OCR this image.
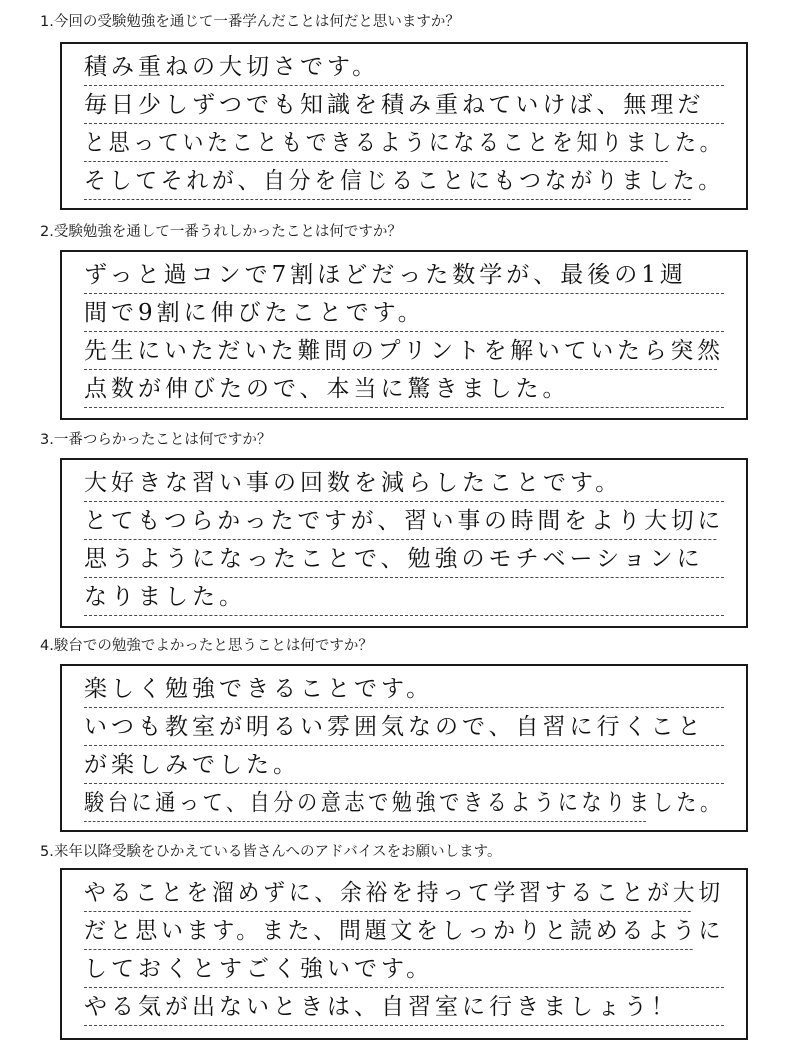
1.今回の受験勉強を通じて一番学んだことは何だと思いますか？
積み重ねの大切さです。
毎日少しずつでも知識を積み重ねていけば、無理だ
と思っていたこともできるようになることを知りました。
そしてそれが、自分を信じることにもつながりました。
2.受験勉強を通して一番うれしかったことは何ですか？
ずっと過コンで7割ほどだった数学が、最後の1週
間で9割に伸びたことです。
先生にいただいた難問のプリントを解いていたら突然
点数が伸びたので、本当に驚きました。
3.一番つらかったことは何ですか？
大好きな習い事の回数を減らしたことです。
とてもつらかったですが、習い事の時間をより大切に
思うようになったことで、勉強のモチベーションに
なりました。
4.駿台での勉強でよかったと思うことは何ですか？
楽しく勉強できることです。
いつも教室が明るい雰囲気なので、自習に行くこと
が楽しみでした。
駿台に通って、自分の意志で勉強できるようになりました。
5.来年以降受験をひかえている皆さんへのアドバイスをお願いします。
やることを溜めずに、余裕を持って学習することが大切
だと思います。また、問題文をしっかりと読めるように
しておくとすごく強いです。
やる気が出ないときは、自習室に行きましょう！
